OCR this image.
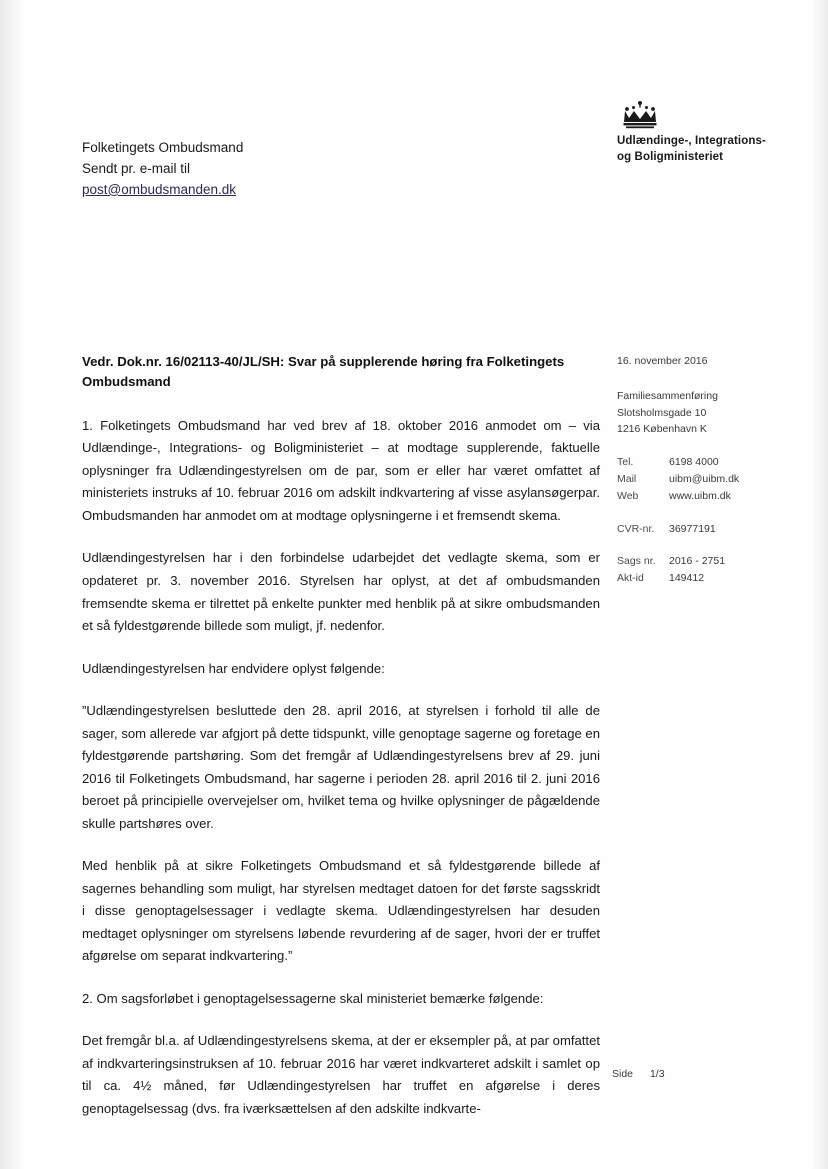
Udlændinge-, Integrations-
og Boligministeriet
Folketingets Ombudsmand
Sendt pr. e-mail til
post@ombudsmanden.dk
16. november 2016
Familiesammenføring
Slotsholmsgade 10
1216 København K
Tel.	6198 4000
Mail	uibm@uibm.dk
Web	www.uibm.dk
CVR-nr.	36977191
Sags nr.	2016 - 2751
Akt-id	149412
Vedr. Dok.nr. 16/02113-40/JL/SH: Svar på supplerende høring fra Folketingets Ombudsmand

1. Folketingets Ombudsmand har ved brev af 18. oktober 2016 anmodet om – via Udlændinge-, Integrations- og Boligministeriet – at modtage supplerende, faktuelle oplysninger fra Udlændingestyrelsen om de par, som er eller har været omfattet af ministeriets instruks af 10. februar 2016 om adskilt indkvartering af visse asylansøgerpar. Ombudsmanden har anmodet om at modtage oplysningerne i et fremsendt skema.

Udlændingestyrelsen har i den forbindelse udarbejdet det vedlagte skema, som er opdateret pr. 3. november 2016. Styrelsen har oplyst, at det af ombudsmanden fremsendte skema er tilrettet på enkelte punkter med henblik på at sikre ombudsmanden et så fyldestgørende billede som muligt, jf. nedenfor.

Udlændingestyrelsen har endvidere oplyst følgende:

”Udlændingestyrelsen besluttede den 28. april 2016, at styrelsen i forhold til alle de sager, som allerede var afgjort på dette tidspunkt, ville genoptage sagerne og foretage en fyldestgørende partshøring. Som det fremgår af Udlændingestyrelsens brev af 29. juni 2016 til Folketingets Ombudsmand, har sagerne i perioden 28. april 2016 til 2. juni 2016 beroet på principielle overvejelser om, hvilket tema og hvilke oplysninger de pågældende skulle partshøres over.

Med henblik på at sikre Folketingets Ombudsmand et så fyldestgørende billede af sagernes behandling som muligt, har styrelsen medtaget datoen for det første sagsskridt i disse genoptagelsessager i vedlagte skema. Udlændingestyrelsen har desuden medtaget oplysninger om styrelsens løbende revurdering af de sager, hvori der er truffet afgørelse om separat indkvartering.”

2. Om sagsforløbet i genoptagelsessagerne skal ministeriet bemærke følgende:

Det fremgår bl.a. af Udlændingestyrelsens skema, at der er eksempler på, at par omfattet af indkvarteringsinstruksen af 10. februar 2016 har været indkvarteret adskilt i samlet op til ca. 4½ måned, før Udlændingestyrelsen har truffet en afgørelse i deres genoptagelsessag (dvs. fra iværksættelsen af den adskilte indkvarte-

Side 1/3
